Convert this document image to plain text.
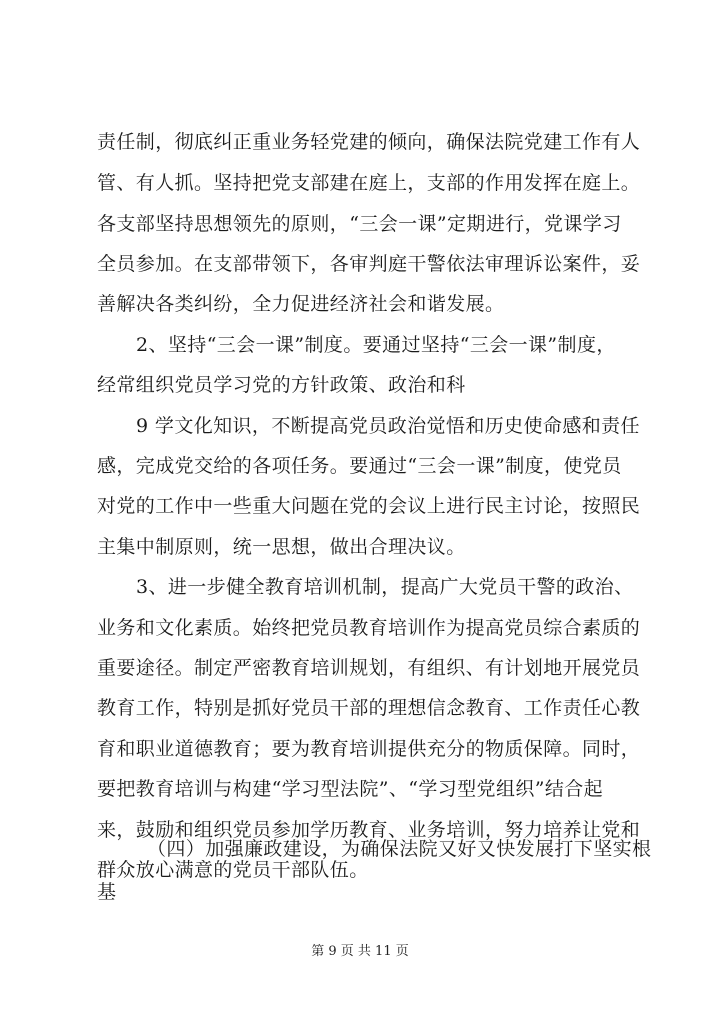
责任制，彻底纠正重业务轻党建的倾向，确保法院党建工作有人
管、有人抓。坚持把党支部建在庭上，支部的作用发挥在庭上。
各支部坚持思想领先的原则，“三会一课”定期进行，党课学习
全员参加。在支部带领下，各审判庭干警依法审理诉讼案件，妥
善解决各类纠纷，全力促进经济社会和谐发展。
2、坚持“三会一课”制度。要通过坚持“三会一课”制度，
经常组织党员学习党的方针政策、政治和科
9 学文化知识，不断提高党员政治觉悟和历史使命感和责任
感，完成党交给的各项任务。要通过“三会一课”制度，使党员
对党的工作中一些重大问题在党的会议上进行民主讨论，按照民
主集中制原则，统一思想，做出合理决议。
3、进一步健全教育培训机制，提高广大党员干警的政治、
业务和文化素质。始终把党员教育培训作为提高党员综合素质的
重要途径。制定严密教育培训规划，有组织、有计划地开展党员
教育工作，特别是抓好党员干部的理想信念教育、工作责任心教
育和职业道德教育；要为教育培训提供充分的物质保障。同时，
要把教育培训与构建“学习型法院”、“学习型党组织”结合起
来，鼓励和组织党员参加学历教育、业务培训，努力培养让党和
群众放心满意的党员干部队伍。
（四）加强廉政建设，为确保法院又好又快发展打下坚实根
基
第 9 页 共 11 页
